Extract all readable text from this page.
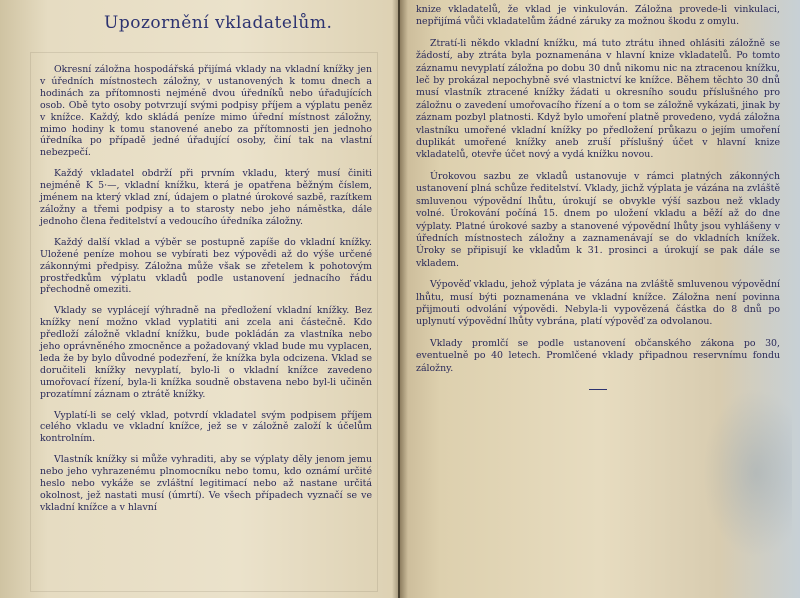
Upozornění vkladatelům.

Okresní záložna hospodářská přijímá vklady na vkladní knížky jen v úředních místnostech záložny, v ustanovených k tomu dnech a hodinách za přítomnosti nejméně dvou úředníků nebo úřadujících osob. Obě tyto osoby potvrzují svými podpisy příjem a výplatu peněz v knížce. Každý, kdo skládá peníze mimo úřední místnost záložny, mimo hodiny k tomu stanovené anebo za přítomnosti jen jednoho úředníka po případě jedné úřadující osoby, činí tak na vlastní nebezpečí.

Každý vkladatel obdrží při prvním vkladu, který musí činiti nejméně K 5·—, vkladní knížku, která je opatřena běžným číslem, jménem na který vklad zní, údajem o platné úrokové sazbě, razítkem záložny a třemi podpisy a to starosty nebo jeho náměstka, dále jednoho člena ředitelství a vedoucího úředníka záložny.

Každý další vklad a výběr se postupně zapíše do vkladní knížky. Uložené peníze mohou se vybírati bez výpovědi až do výše určené zákonnými předpisy. Záložna může však se zřetelem k pohotovým prostředkům výplatu vkladů podle ustanovení jednacího řádu přechodně omeziti.

Vklady se vyplácejí výhradně na předložení vkladní knížky. Bez knížky není možno vklad vyplatiti ani zcela ani částečně. Kdo předloží záložně vkladní knížku, bude pokládán za vlastníka nebo jeho oprávněného zmocněnce a požadovaný vklad bude mu vyplacen, leda že by bylo důvodné podezření, že knížka byla odcizena. Vklad se doručiteli knížky nevyplatí, bylo-li o vkladní knížce zavedeno umořovací řízení, byla-li knížka soudně obstavena nebo byl-li učiněn prozatímní záznam o ztrátě knížky.

Vyplatí-li se celý vklad, potvrdí vkladatel svým podpisem příjem celého vkladu ve vkladní knížce, jež se v záložně založí k účelům kontrolním.

Vlastník knížky si může vyhraditi, aby se výplaty děly jenom jemu nebo jeho vyhrazenému plnomocníku nebo tomu, kdo oznámí určité heslo nebo vykáže se zvláštní legitimací nebo až nastane určitá okolnost, jež nastati musí (úmrtí). Ve všech případech vyznačí se ve vkladní knížce a v hlavní

knize vkladatelů, že vklad je vinkulován. Záložna provede-li vinkulaci, nepřijímá vůči vkladatelům žádné záruky za možnou škodu z omylu.

Ztratí-li někdo vkladní knížku, má tuto ztrátu ihned ohlásiti záložně se žádostí, aby ztráta byla poznamenána v hlavní knize vkladatelů. Po tomto záznamu nevyplatí záložna po dobu 30 dnů nikomu nic na ztracenou knížku, leč by prokázal nepochybně své vlastnictví ke knížce. Během těchto 30 dnů musí vlastník ztracené knížky žádati u okresního soudu příslušného pro záložnu o zavedení umořovacího řízení a o tom se záložně vykázati, jinak by záznam pozbyl platnosti. Když bylo umoření platně provedeno, vydá záložna vlastníku umořené vkladní knížky po předložení průkazu o jejím umoření duplikát umořené knížky aneb zruší příslušný účet v hlavní knize vkladatelů, otevře účet nový a vydá knížku novou.

Úrokovou sazbu ze vkladů ustanovuje v rámci platných zákonných ustanovení plná schůze ředitelství. Vklady, jichž výplata je vázána na zvláště smluvenou výpovědní lhůtu, úrokují se obvykle výší sazbou než vklady volné. Úrokování počíná 15. dnem po uložení vkladu a běží až do dne výplaty. Platné úrokové sazby a stanovené výpovědní lhůty jsou vyhlášeny v úředních místnostech záložny a zaznamenávají se do vkladních knížek. Úroky se připisují ke vkladům k 31. prosinci a úrokují se pak dále se vkladem.

Výpověď vkladu, jehož výplata je vázána na zvláště smluvenou výpovědní lhůtu, musí býti poznamenána ve vkladní knížce. Záložna není povinna přijmouti odvolání výpovědi. Nebyla-li vypovězená částka do 8 dnů po uplynutí výpovědní lhůty vybrána, platí výpověď za odvolanou.

Vklady promlčí se podle ustanovení občanského zákona po 30, eventuelně po 40 letech. Promlčené vklady připadnou reservnímu fondu záložny.
